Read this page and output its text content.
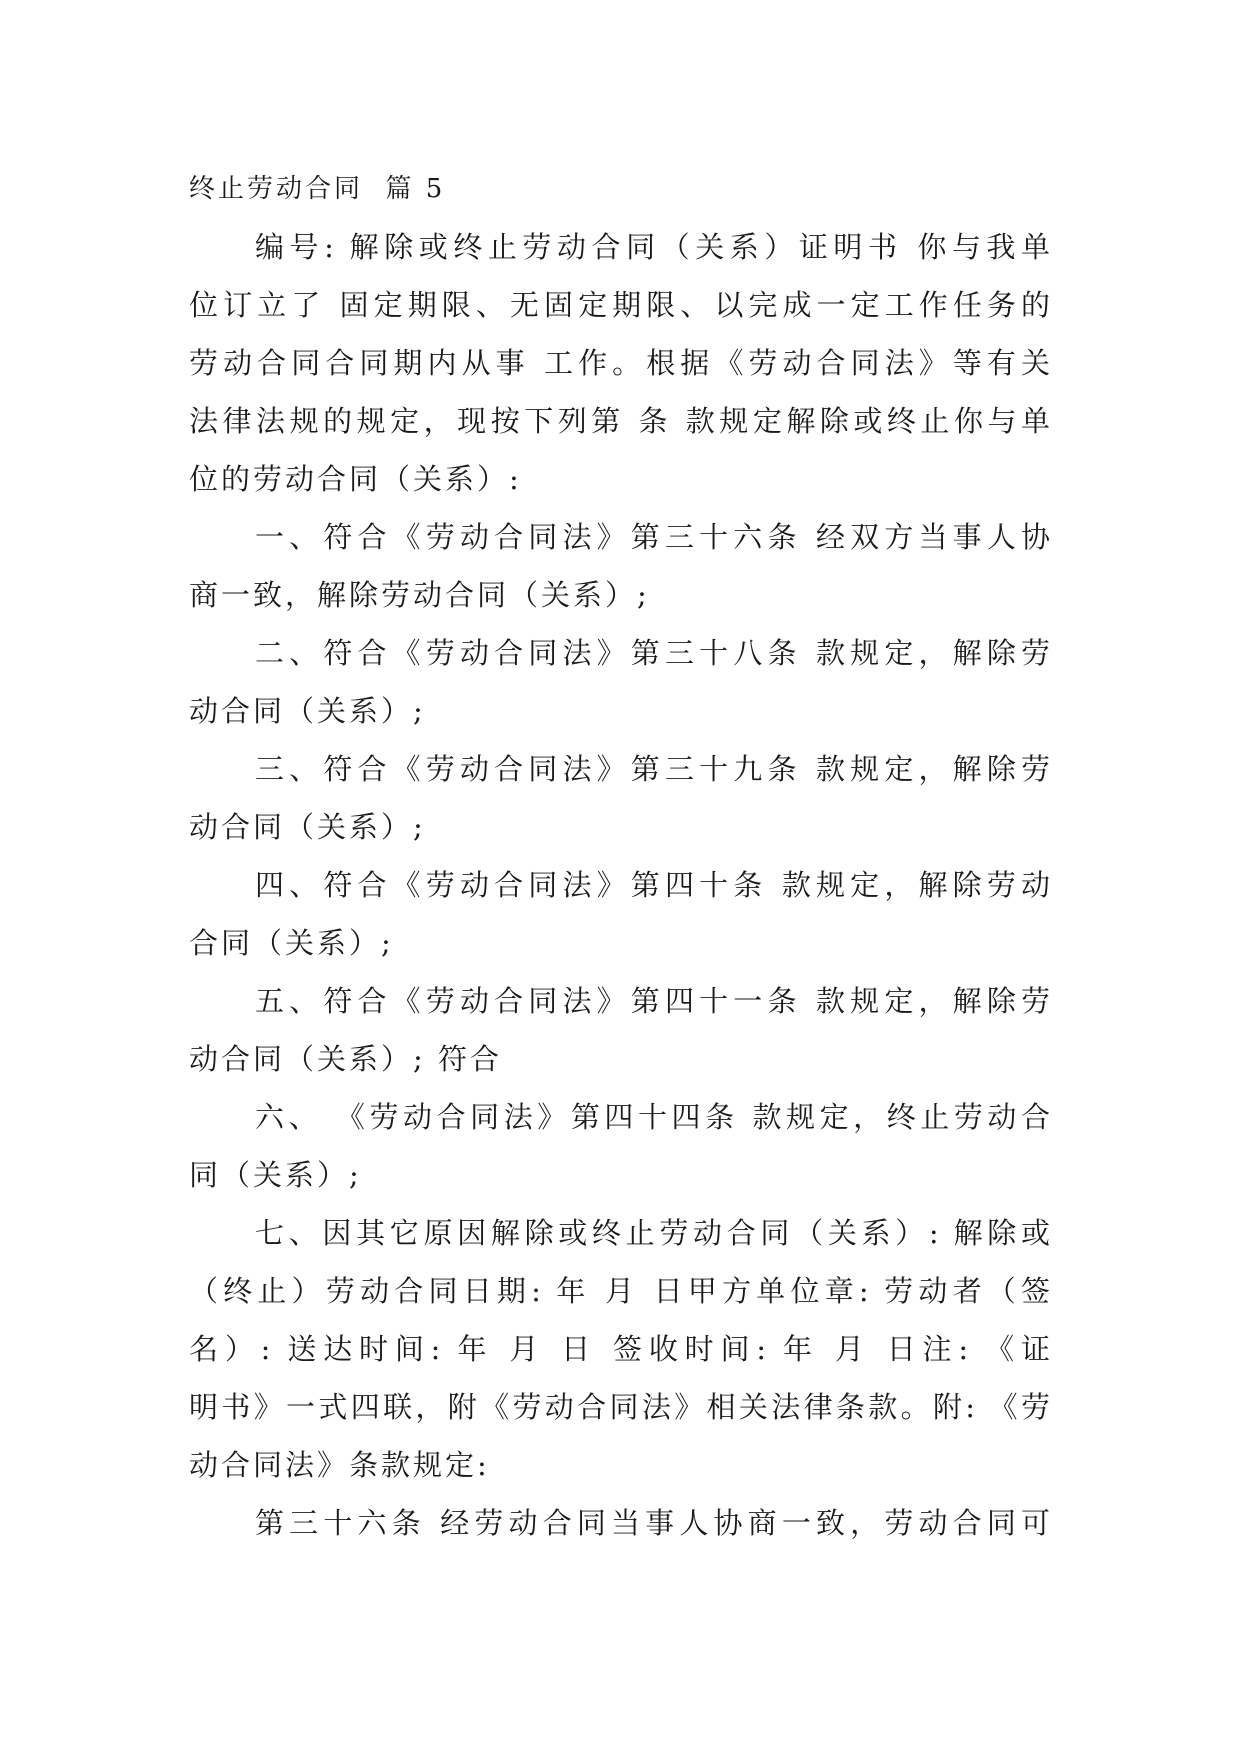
终止劳动合同  篇 5
编号: 解除或终止劳动合同（关系）证明书 你与我单
位订立了 固定期限、无固定期限、以完成一定工作任务的
劳动合同合同期内从事 工作。根据《劳动合同法》等有关
法律法规的规定，现按下列第 条 款规定解除或终止你与单
位的劳动合同（关系）:
一、符合《劳动合同法》第三十六条 经双方当事人协
商一致，解除劳动合同（关系）;
二、符合《劳动合同法》第三十八条 款规定，解除劳
动合同（关系）;
三、符合《劳动合同法》第三十九条 款规定，解除劳
动合同（关系）;
四、符合《劳动合同法》第四十条 款规定，解除劳动
合同（关系）;
五、符合《劳动合同法》第四十一条 款规定，解除劳
动合同（关系）; 符合
六、 《劳动合同法》第四十四条 款规定，终止劳动合
同（关系）;
七、因其它原因解除或终止劳动合同（关系）: 解除或
（终止）劳动合同日期: 年 月 日甲方单位章: 劳动者（签
名）: 送达时间: 年 月 日 签收时间: 年 月 日注: 《证
明书》一式四联，附《劳动合同法》相关法律条款。附: 《劳
动合同法》条款规定:
第三十六条 经劳动合同当事人协商一致，劳动合同可
